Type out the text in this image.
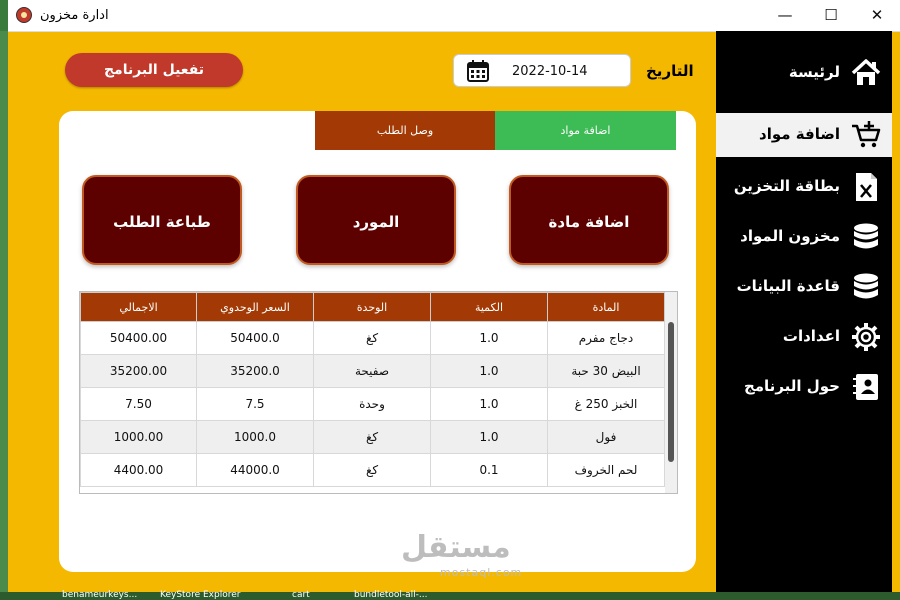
ادارة مخزون	—	☐	✕
تفعيل البرنامج	2022-10-14	التاريخ
وصل الطلب	اضافة مواد
اضافة مادة
المورد
طباعة الطلب
الاجمالي	السعر الوحدوي	الوحدة	الكمية	المادة
50400.00	50400.0	كغ	1.0	دجاج مفرم
35200.00	35200.0	صفيحة	1.0	البيض 30 حبة
7.50	7.5	وحدة	1.0	الخبز 250 غ
1000.00	1000.0	كغ	1.0	فول
4400.00	44000.0	كغ	0.1	لحم الخروف
لرئيسة
اضافة مواد
بطاقة التخزين
مخزون المواد
قاعدة البيانات
اعدادات
حول البرنامج
مستقل
mostaql.com
benameurkeys...	KeyStore Explorer	cart	bundletool-all-...
